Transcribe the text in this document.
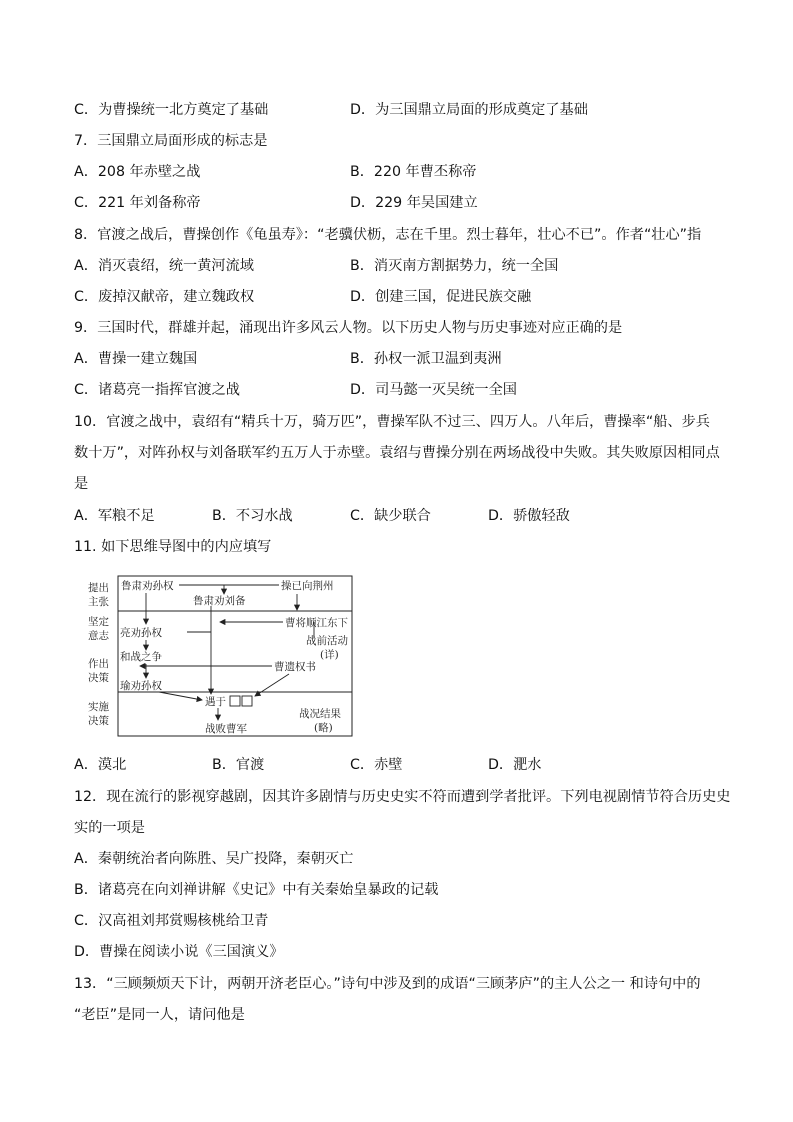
C．为曹操统一北方奠定了基础	D．为三国鼎立局面的形成奠定了基础
7．三国鼎立局面形成的标志是
A．208 年赤壁之战	B．220 年曹丕称帝
C．221 年刘备称帝	D．229 年吴国建立
8．官渡之战后，曹操创作《龟虽寿》：“老骥伏枥，志在千里。烈士暮年，壮心不已”。作者“壮心”指
A．消灭袁绍，统一黄河流域	B．消灭南方割据势力，统一全国
C．废掉汉献帝，建立魏政权	D．创建三国，促进民族交融
9．三国时代，群雄并起，涌现出许多风云人物。以下历史人物与历史事迹对应正确的是
A．曹操一建立魏国	B．孙权一派卫温到夷洲
C．诸葛亮一指挥官渡之战	D．司马懿一灭吴统一全国
10．官渡之战中，袁绍有“精兵十万，骑万匹”，曹操军队不过三、四万人。八年后，曹操率“船、步兵
数十万”，对阵孙权与刘备联军约五万人于赤壁。袁绍与曹操分别在两场战役中失败。其失败原因相同点
是
A．军粮不足	B．不习水战	C．缺少联合	D．骄傲轻敌
11. 如下思维导图中的内应填写
提出
主张
坚定
意志
作出
决策
实施
决策
鲁肃劝孙权
鲁肃劝刘备
操已向荆州
曹将顺江东下
亮劝孙权
战前活动
(详)
和战之争
曹遗权书
瑜劝孙权
遇于
战败曹军
战况结果
(略)
A．漠北	B．官渡	C．赤壁	D．淝水
12．现在流行的影视穿越剧，因其许多剧情与历史史实不符而遭到学者批评。下列电视剧情节符合历史史
实的一项是
A．秦朝统治者向陈胜、吴广投降，秦朝灭亡
B．诸葛亮在向刘禅讲解《史记》中有关秦始皇暴政的记载
C．汉高祖刘邦赏赐核桃给卫青
D．曹操在阅读小说《三国演义》
13．“三顾频烦天下计，两朝开济老臣心。”诗句中涉及到的成语“三顾茅庐”的主人公之一 和诗句中的
“老臣”是同一人，请问他是
